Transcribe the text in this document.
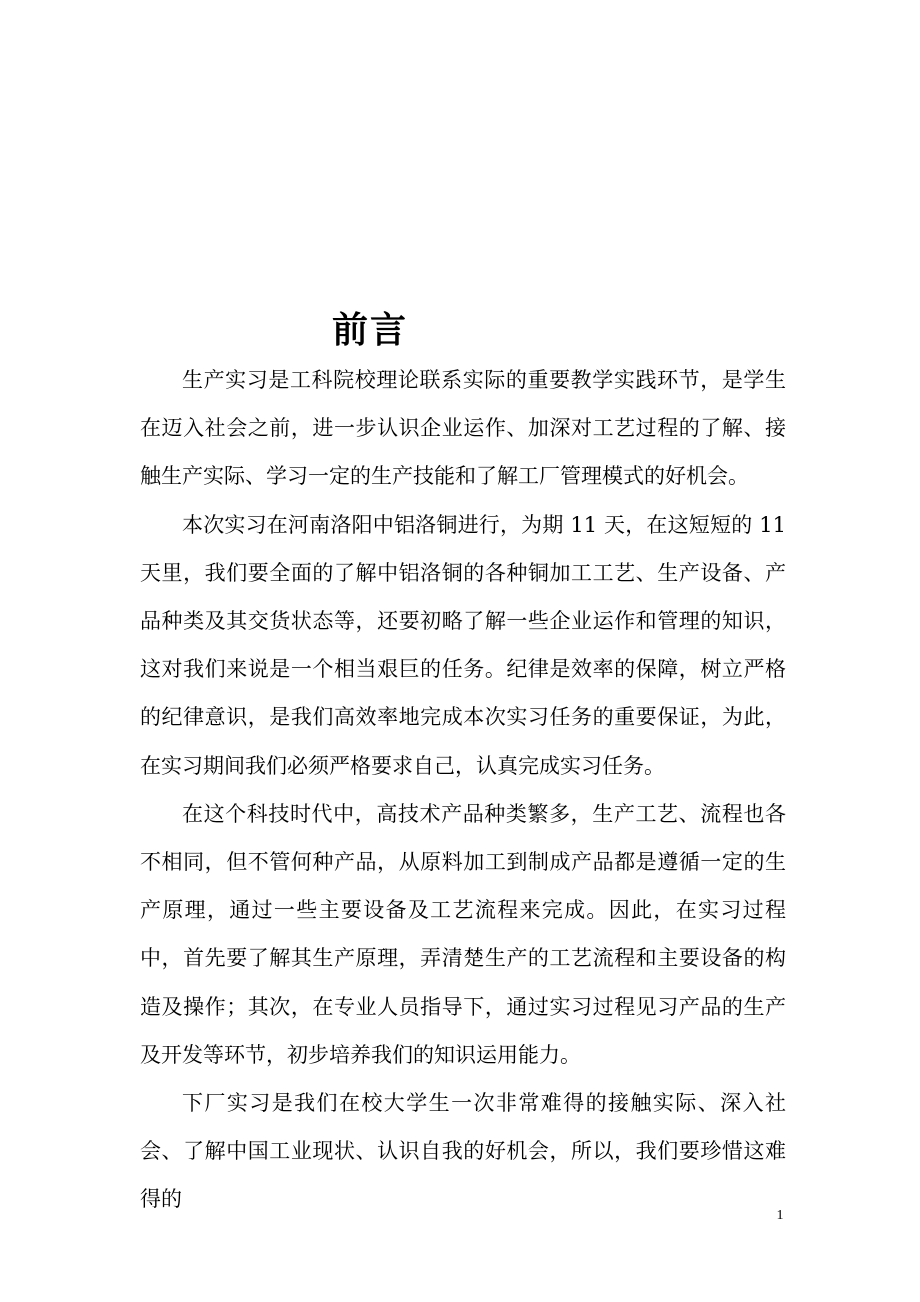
前言

生产实习是工科院校理论联系实际的重要教学实践环节，是学生在迈入社会之前，进一步认识企业运作、加深对工艺过程的了解、接触生产实际、学习一定的生产技能和了解工厂管理模式的好机会。

本次实习在河南洛阳中铝洛铜进行，为期 11 天，在这短短的 11 天里，我们要全面的了解中铝洛铜的各种铜加工工艺、生产设备、产品种类及其交货状态等，还要初略了解一些企业运作和管理的知识，这对我们来说是一个相当艰巨的任务。纪律是效率的保障，树立严格的纪律意识，是我们高效率地完成本次实习任务的重要保证，为此，在实习期间我们必须严格要求自己，认真完成实习任务。

在这个科技时代中，高技术产品种类繁多，生产工艺、流程也各不相同，但不管何种产品，从原料加工到制成产品都是遵循一定的生产原理，通过一些主要设备及工艺流程来完成。因此，在实习过程中，首先要了解其生产原理，弄清楚生产的工艺流程和主要设备的构造及操作；其次，在专业人员指导下，通过实习过程见习产品的生产及开发等环节，初步培养我们的知识运用能力。

下厂实习是我们在校大学生一次非常难得的接触实际、深入社会、了解中国工业现状、认识自我的好机会，所以，我们要珍惜这难得的

1
